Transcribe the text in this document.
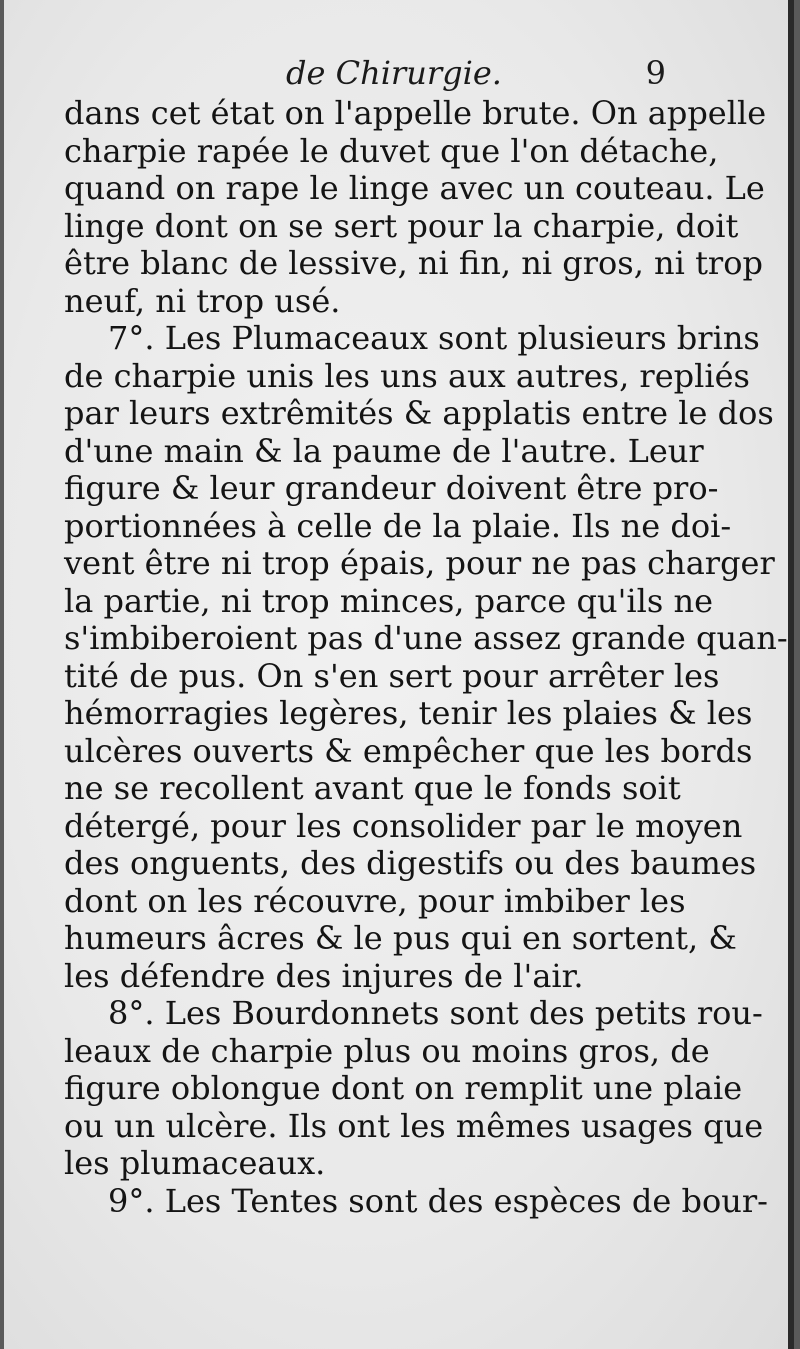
de Chirurgie.	9
dans cet état on l'appelle brute. On appelle
charpie rapée le duvet que l'on détache,
quand on rape le linge avec un couteau. Le
linge dont on se sert pour la charpie, doit
être blanc de lessive, ni fin, ni gros, ni trop
neuf, ni trop usé.
7°. Les Plumaceaux sont plusieurs brins
de charpie unis les uns aux autres, repliés
par leurs extrêmités & applatis entre le dos
d'une main & la paume de l'autre. Leur
figure & leur grandeur doivent être pro-
portionnées à celle de la plaie. Ils ne doi-
vent être ni trop épais, pour ne pas charger
la partie, ni trop minces, parce qu'ils ne
s'imbiberoient pas d'une assez grande quan-
tité de pus. On s'en sert pour arrêter les
hémorragies legères, tenir les plaies & les
ulcères ouverts & empêcher que les bords
ne se recollent avant que le fonds soit
détergé, pour les consolider par le moyen
des onguents, des digestifs ou des baumes
dont on les récouvre, pour imbiber les
humeurs âcres & le pus qui en sortent, &
les défendre des injures de l'air.
8°. Les Bourdonnets sont des petits rou-
leaux de charpie plus ou moins gros, de
figure oblongue dont on remplit une plaie
ou un ulcère. Ils ont les mêmes usages que
les plumaceaux.
9°. Les Tentes sont des espèces de bour-
